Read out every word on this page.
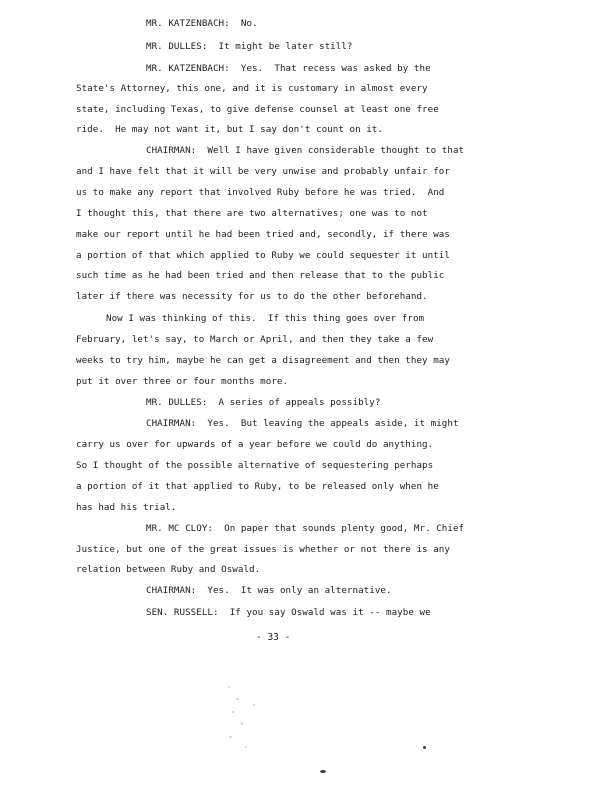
MR. KATZENBACH:  No.
MR. DULLES:  It might be later still?
MR. KATZENBACH:  Yes.  That recess was asked by the
State's Attorney, this one, and it is customary in almost every
state, including Texas, to give defense counsel at least one free
ride.  He may not want it, but I say don't count on it.
CHAIRMAN:  Well I have given considerable thought to that
and I have felt that it will be very unwise and probably unfair for
us to make any report that involved Ruby before he was tried.  And
I thought this, that there are two alternatives; one was to not
make our report until he had been tried and, secondly, if there was
a portion of that which applied to Ruby we could sequester it until
such time as he had been tried and then release that to the public
later if there was necessity for us to do the other beforehand.
Now I was thinking of this.  If this thing goes over from
February, let's say, to March or April, and then they take a few
weeks to try him, maybe he can get a disagreement and then they may
put it over three or four months more.
MR. DULLES:  A series of appeals possibly?
CHAIRMAN:  Yes.  But leaving the appeals aside, it might
carry us over for upwards of a year before we could do anything.
So I thought of the possible alternative of sequestering perhaps
a portion of it that applied to Ruby, to be released only when he
has had his trial.
MR. MC CLOY:  On paper that sounds plenty good, Mr. Chief
Justice, but one of the great issues is whether or not there is any
relation between Ruby and Oswald.
CHAIRMAN:  Yes.  It was only an alternative.
SEN. RUSSELL:  If you say Oswald was it -- maybe we
- 33 -
